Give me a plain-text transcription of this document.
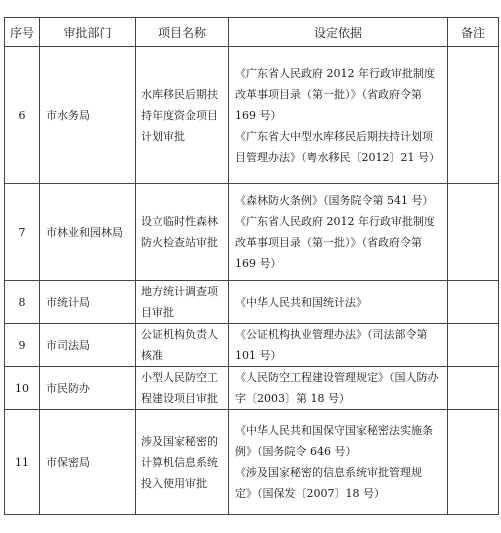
序号	审批部门	项目名称	设定依据	备注
6	市水务局	水库移民后期扶
持年度资金项目
计划审批	《广东省人民政府 2012 年行政审批制度
改革事项目录（第一批）》（省政府令第
169 号）
《广东省大中型水库移民后期扶持计划项
目管理办法》（粤水移民〔2012〕21 号）	

7	市林业和园林局	设立临时性森林
防火检查站审批	《森林防火条例》（国务院令第 541 号）
《广东省人民政府 2012 年行政审批制度
改革事项目录（第一批）》（省政府令第
169 号）	

8	市统计局	地方统计调查项
目审批	《中华人民共和国统计法》	

9	市司法局	公证机构负责人
核准	《公证机构执业管理办法》（司法部令第
101 号）	

10	市民防办	小型人民防空工
程建设项目审批	《人民防空工程建设管理规定》（国人防办
字〔2003〕第 18 号）	

11	市保密局	涉及国家秘密的
计算机信息系统
投入使用审批	《中华人民共和国保守国家秘密法实施条
例》（国务院令 646 号）
《涉及国家秘密的信息系统审批管理规
定》（国保发〔2007〕18 号）	
